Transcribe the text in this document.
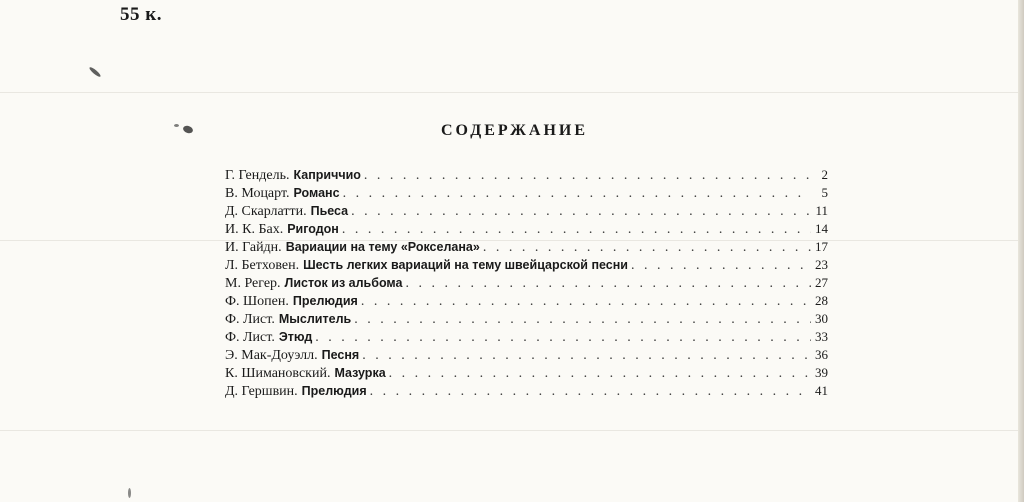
55 к.
СОДЕРЖАНИЕ
Г. Гендель. Каприччио . . .	2
В. Моцарт. Романс . . .	5
Д. Скарлатти. Пьеса . . .	11
И. К. Бах. Ригодон . . .	14
И. Гайдн. Вариации на тему «Рокселана» . . .	17
Л. Бетховен. Шесть легких вариаций на тему швейцарской песни . . .	23
М. Регер. Листок из альбома . . .	27
Ф. Шопен. Прелюдия . . .	28
Ф. Лист. Мыслитель . . .	30
Ф. Лист. Этюд . . .	33
Э. Мак-Доуэлл. Песня . . .	36
К. Шимановский. Мазурка . . .	39
Д. Гершвин. Прелюдия . . .	41
